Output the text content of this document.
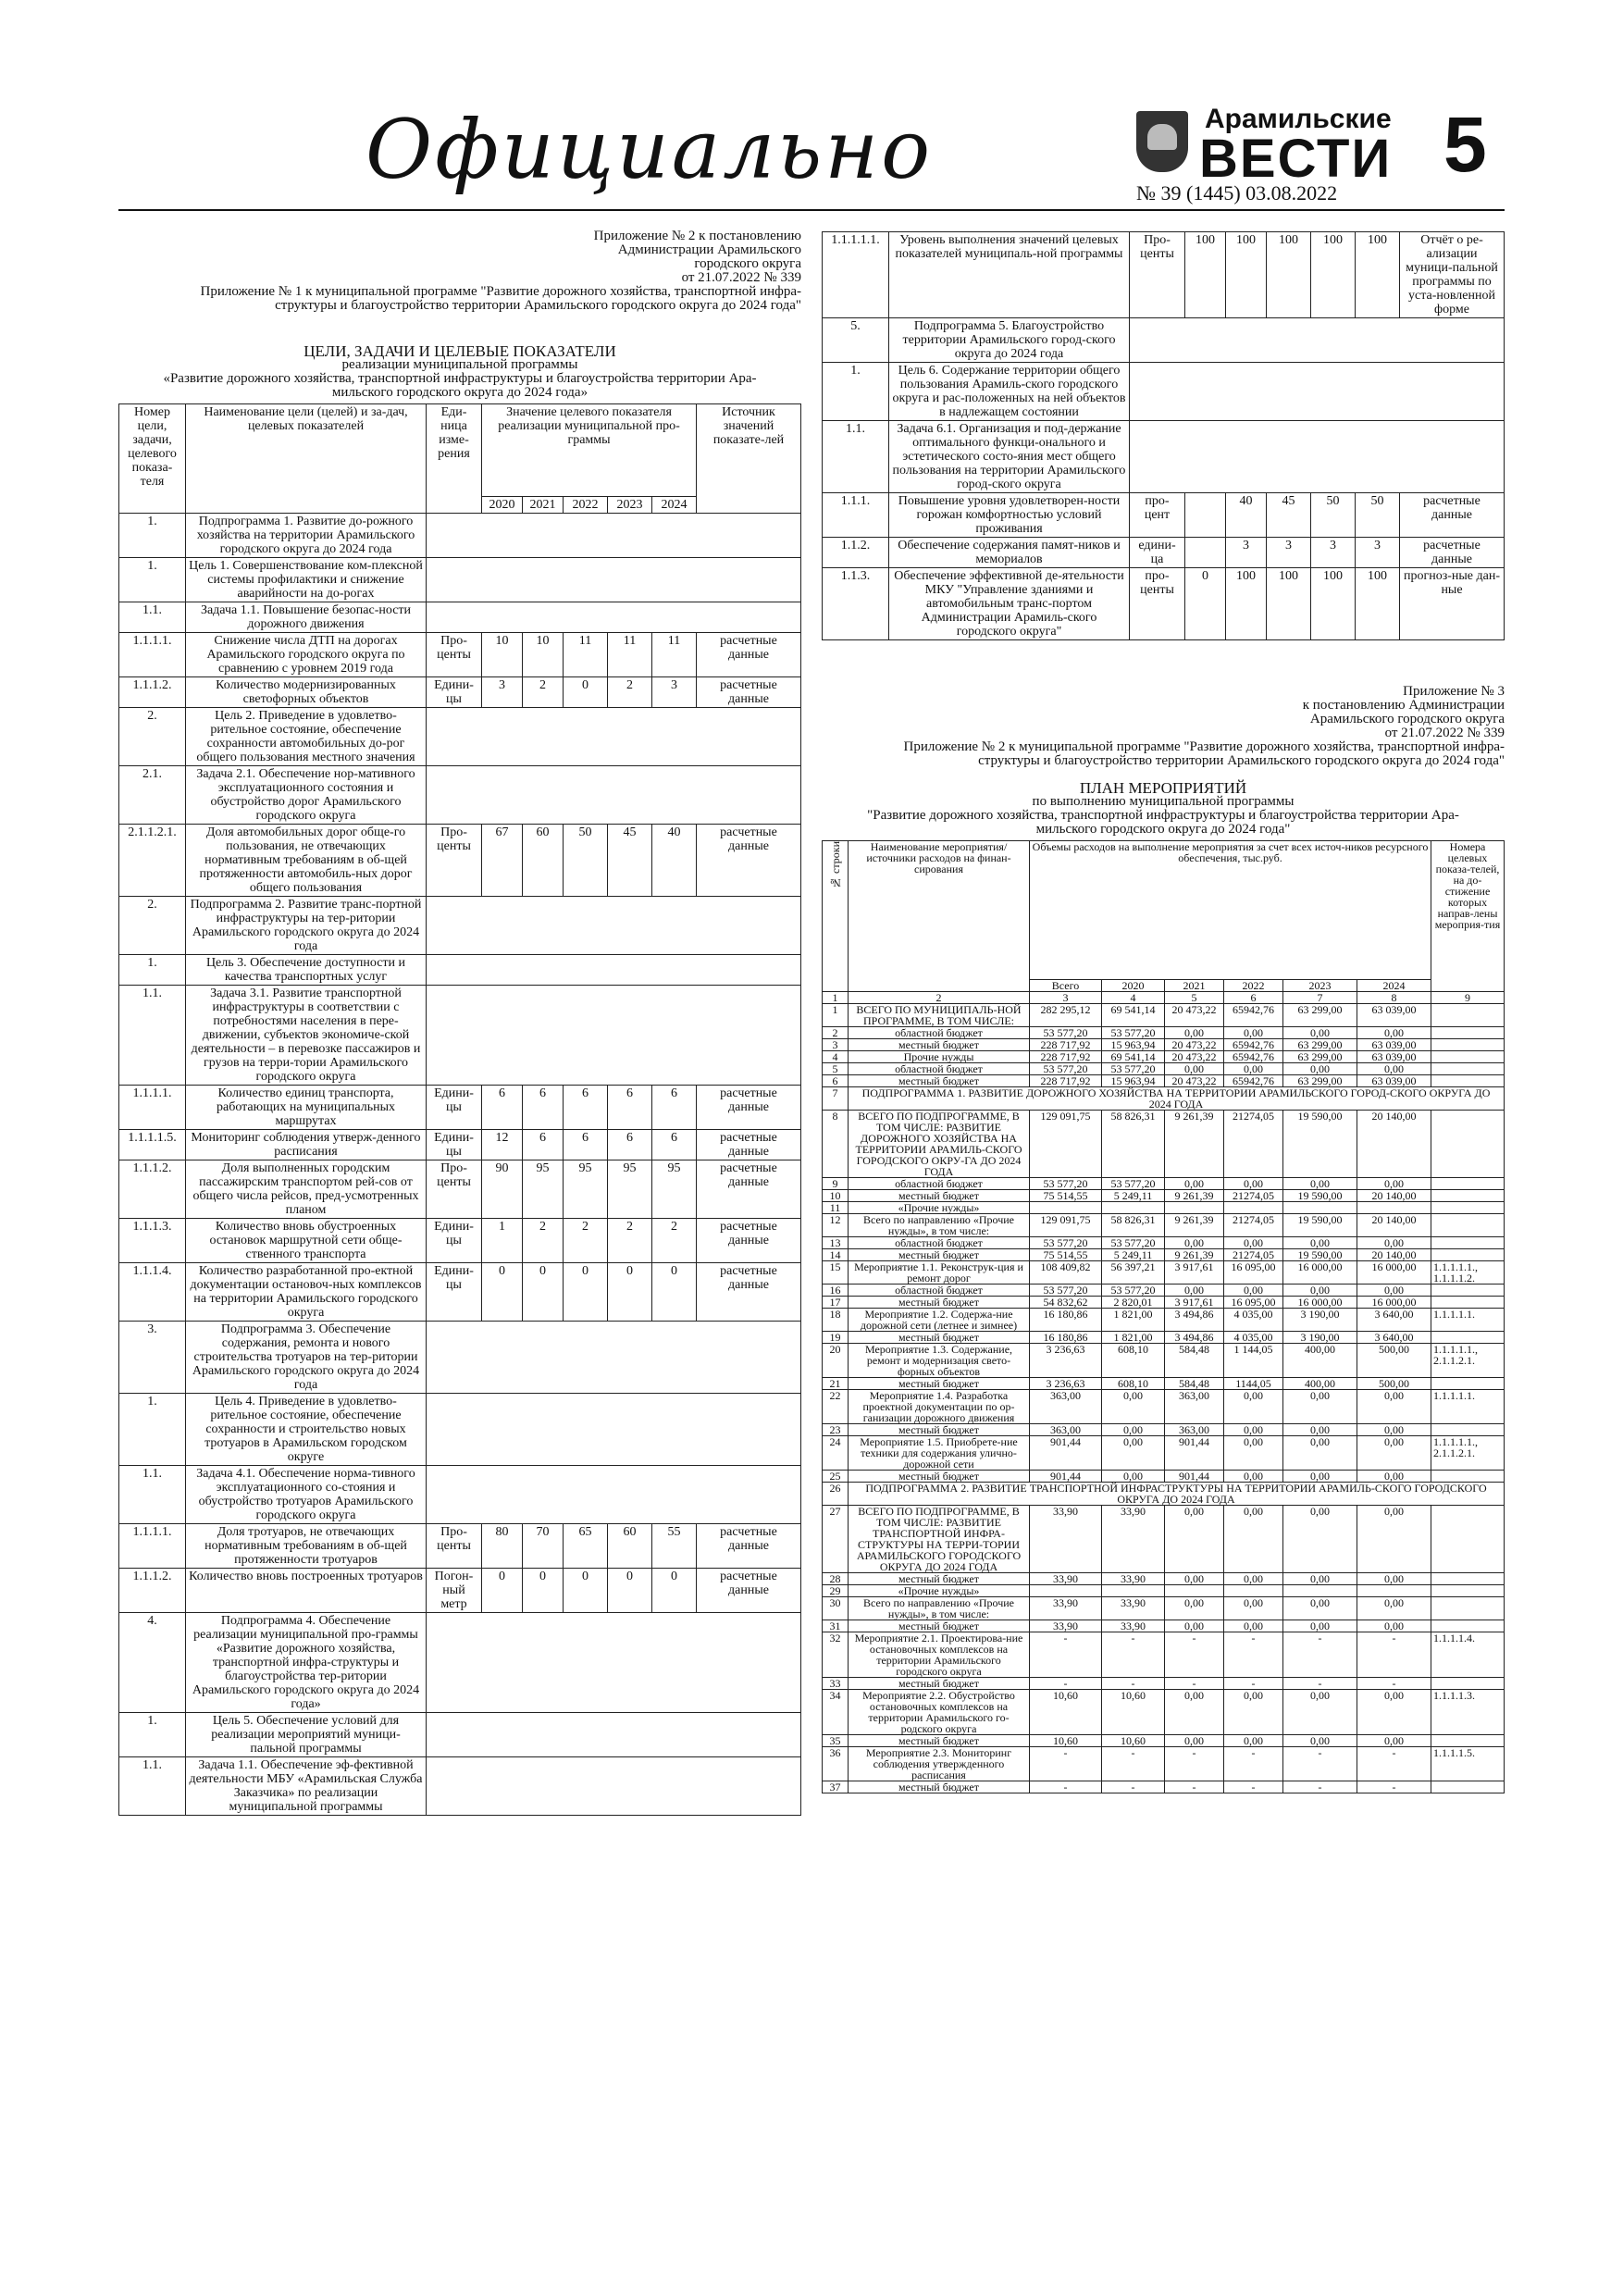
Официально	Арамильские
ВЕСТИ
№ 39 (1445) 03.08.2022
5
Приложение № 2 к постановлению
Администрации Арамильского
городского округа
от 21.07.2022 № 339
Приложение № 1 к муниципальной программе "Развитие дорожного хозяйства, транспортной инфра-
структуры и благоустройство территории Арамильского городского округа до 2024 года"
ЦЕЛИ, ЗАДАЧИ И ЦЕЛЕВЫЕ ПОКАЗАТЕЛИ
реализации муниципальной программы
«Развитие дорожного хозяйства, транспортной инфраструктуры и благоустройства территории Ара-
мильского городского округа до 2024 года»
Номер цели, задачи, целевого показа-теля	Наименование цели (целей) и за-дач, целевых показателей	Еди-ница изме-рения	Значение целевого показателя реализации муниципальной про-граммы					Источник значений показате-лей
			2020	2021	2022	2023	2024	
1.	Подпрограмма 1. Развитие до-рожного хозяйства на территории Арамильского городского округа до 2024 года							
1.	Цель 1. Совершенствование ком-плексной системы профилактики и снижение аварийности на до-рогах							
1.1.	Задача 1.1. Повышение безопас-ности дорожного движения							
1.1.1.1.	Снижение числа ДТП на дорогах Арамильского городского округа по сравнению с уровнем 2019 года	Про-центы	10	10	11	11	11	расчетные данные
1.1.1.2.	Количество модернизированных светофорных объектов	Едини-цы	3	2	0	2	3	расчетные данные
2.	Цель 2. Приведение в удовлетво-рительное состояние, обеспечение сохранности автомобильных до-рог общего пользования местного значения							
2.1.	Задача 2.1. Обеспечение нор-мативного эксплуатационного состояния и обустройство дорог Арамильского городского округа							
2.1.1.2.1.	Доля автомобильных дорог обще-го пользования, не отвечающих нормативным требованиям в об-щей протяженности автомобиль-ных дорог общего пользования	Про-центы	67	60	50	45	40	расчетные данные
2.	Подпрограмма 2. Развитие транс-портной инфраструктуры на тер-ритории Арамильского городского округа до 2024 года							
1.	Цель 3. Обеспечение доступности и качества транспортных услуг							
1.1.	Задача 3.1. Развитие транспортной инфраструктуры в соответствии с потребностями населения в пере-движении, субъектов экономиче-ской деятельности – в перевозке пассажиров и грузов на терри-тории Арамильского городского округа							
1.1.1.1.	Количество единиц транспорта, работающих на муниципальных маршрутах	Едини-цы	6	6	6	6	6	расчетные данные
1.1.1.1.5.	Мониторинг соблюдения утверж-денного расписания	Едини-цы	12	6	6	6	6	расчетные данные
1.1.1.2.	Доля выполненных городским пассажирским транспортом рей-сов от общего числа рейсов, пред-усмотренных планом	Про-центы	90	95	95	95	95	расчетные данные
1.1.1.3.	Количество вновь обустроенных остановок маршрутной сети обще-ственного транспорта	Едини-цы	1	2	2	2	2	расчетные данные
1.1.1.4.	Количество разработанной про-ектной документации остановоч-ных комплексов на территории Арамильского городского округа	Едини-цы	0	0	0	0	0	расчетные данные
3.	Подпрограмма 3. Обеспечение содержания, ремонта и нового строительства тротуаров на тер-ритории Арамильского городского округа до 2024 года							
1.	Цель 4. Приведение в удовлетво-рительное состояние, обеспечение сохранности и строительство новых тротуаров в Арамильском городском округе							
1.1.	Задача 4.1. Обеспечение норма-тивного эксплуатационного со-стояния и обустройство тротуаров Арамильского городского округа							
1.1.1.1.	Доля тротуаров, не отвечающих нормативным требованиям в об-щей протяженности тротуаров	Про-центы	80	70	65	60	55	расчетные данные
1.1.1.2.	Количество вновь построенных тротуаров	Погон-ный метр	0	0	0	0	0	расчетные данные
4.	Подпрограмма 4. Обеспечение реализации муниципальной про-граммы «Развитие дорожного хозяйства, транспортной инфра-структуры и благоустройства тер-ритории Арамильского городского округа до 2024 года»							
1.	Цель 5. Обеспечение условий для реализации мероприятий муници-пальной программы							
1.1.	Задача 1.1. Обеспечение эф-фективной деятельности МБУ «Арамильская Служба Заказчика» по реализации муниципальной программы							
1.1.1.1.1.	Уровень выполнения значений целевых показателей муниципаль-ной программы	Про-центы	100	100	100	100	100	Отчёт о ре-ализации муници-пальной программы по уста-новленной форме
5.	Подпрограмма 5. Благоустройство территории Арамильского город-ского округа до 2024 года							
1.	Цель 6. Содержание территории общего пользования Арамиль-ского городского округа и рас-положенных на ней объектов в надлежащем состоянии							
1.1.	Задача 6.1. Организация и под-держание оптимального функци-онального и эстетического состо-яния мест общего пользования на территории Арамильского город-ского округа							
1.1.1.	Повышение уровня удовлетворен-ности горожан комфортностью условий проживания	про-цент		40	45	50	50	расчетные данные
1.1.2.	Обеспечение содержания памят-ников и мемориалов	едини-ца		3	3	3	3	расчетные данные
1.1.3.	Обеспечение эффективной де-ятельности МКУ "Управление зданиями и автомобильным транс-портом Администрации Арамиль-ского городского округа"	про-центы	0	100	100	100	100	прогноз-ные дан-ные
Приложение № 3
к постановлению Администрации
Арамильского городского округа
от 21.07.2022 № 339
Приложение № 2 к муниципальной программе "Развитие дорожного хозяйства, транспортной инфра-
структуры и благоустройство территории Арамильского городского округа до 2024 года"
ПЛАН МЕРОПРИЯТИЙ
по выполнению муниципальной программы
"Развитие дорожного хозяйства, транспортной инфраструктуры и благоустройства территории Ара-
мильского городского округа до 2024 года"
№ строки	Наименование мероприятия/ источники расходов на финан-сирования	Объемы расходов на выполнение мероприятия за счет всех источ-ников ресурсного обеспечения, тыс.руб.						Номера целевых показа-телей, на до-стижение которых направ-лены мероприя-тия
		Всего	2020	2021	2022	2023	2024	
1	2	3	4	5	6	7	8	9
1	ВСЕГО ПО МУНИЦИПАЛЬ-НОЙ ПРОГРАММЕ, В ТОМ ЧИСЛЕ:	282 295,12	69 541,14	20 473,22	65942,76	63 299,00	63 039,00	
2	областной бюджет	53 577,20	53 577,20	0,00	0,00	0,00	0,00	
3	местный бюджет	228 717,92	15 963,94	20 473,22	65942,76	63 299,00	63 039,00	
4	Прочие нужды	228 717,92	69 541,14	20 473,22	65942,76	63 299,00	63 039,00	
5	областной бюджет	53 577,20	53 577,20	0,00	0,00	0,00	0,00	
6	местный бюджет	228 717,92	15 963,94	20 473,22	65942,76	63 299,00	63 039,00	
7	ПОДПРОГРАММА 1. РАЗВИТИЕ ДОРОЖНОГО ХОЗЯЙСТВА НА ТЕРРИТОРИИ АРАМИЛЬСКОГО ГОРОД-СКОГО ОКРУГА ДО 2024 ГОДА							
8	ВСЕГО ПО ПОДПРОГРАММЕ, В ТОМ ЧИСЛЕ: РАЗВИТИЕ ДОРОЖНОГО ХОЗЯЙСТВА НА ТЕРРИТОРИИ АРАМИЛЬ-СКОГО ГОРОДСКОГО ОКРУ-ГА ДО 2024 ГОДА	129 091,75	58 826,31	9 261,39	21274,05	19 590,00	20 140,00	
9	областной бюджет	53 577,20	53 577,20	0,00	0,00	0,00	0,00	
10	местный бюджет	75 514,55	5 249,11	9 261,39	21274,05	19 590,00	20 140,00	
11	«Прочие нужды»							
12	Всего по направлению «Прочие нужды», в том числе:	129 091,75	58 826,31	9 261,39	21274,05	19 590,00	20 140,00	
13	областной бюджет	53 577,20	53 577,20	0,00	0,00	0,00	0,00	
14	местный бюджет	75 514,55	5 249,11	9 261,39	21274,05	19 590,00	20 140,00	
15	Мероприятие 1.1. Реконструк-ция и ремонт дорог	108 409,82	56 397,21	3 917,61	16 095,00	16 000,00	16 000,00	1.1.1.1.1., 1.1.1.1.2.
16	областной бюджет	53 577,20	53 577,20	0,00	0,00	0,00	0,00	
17	местный бюджет	54 832,62	2 820,01	3 917,61	16 095,00	16 000,00	16 000,00	
18	Мероприятие 1.2. Содержа-ние дорожной сети (летнее и зимнее)	16 180,86	1 821,00	3 494,86	4 035,00	3 190,00	3 640,00	1.1.1.1.1.
19	местный бюджет	16 180,86	1 821,00	3 494,86	4 035,00	3 190,00	3 640,00	
20	Мероприятие 1.3. Содержание, ремонт и модернизация свето-форных объектов	3 236,63	608,10	584,48	1 144,05	400,00	500,00	1.1.1.1.1., 2.1.1.2.1.
21	местный бюджет	3 236,63	608,10	584,48	1144,05	400,00	500,00	
22	Мероприятие 1.4. Разработка проектной документации по ор-ганизации дорожного движения	363,00	0,00	363,00	0,00	0,00	0,00	1.1.1.1.1.
23	местный бюджет	363,00	0,00	363,00	0,00	0,00	0,00	
24	Мероприятие 1.5. Приобрете-ние техники для содержания улично-дорожной сети	901,44	0,00	901,44	0,00	0,00	0,00	1.1.1.1.1., 2.1.1.2.1.
25	местный бюджет	901,44	0,00	901,44	0,00	0,00	0,00	
26	ПОДПРОГРАММА 2. РАЗВИТИЕ ТРАНСПОРТНОЙ ИНФРАСТРУКТУРЫ НА ТЕРРИТОРИИ АРАМИЛЬ-СКОГО ГОРОДСКОГО ОКРУГА ДО 2024 ГОДА							
27	ВСЕГО ПО ПОДПРОГРАММЕ, В ТОМ ЧИСЛЕ: РАЗВИТИЕ ТРАНСПОРТНОЙ ИНФРА-СТРУКТУРЫ НА ТЕРРИ-ТОРИИ АРАМИЛЬСКОГО ГОРОДСКОГО ОКРУГА ДО 2024 ГОДА	33,90	33,90	0,00	0,00	0,00	0,00	
28	местный бюджет	33,90	33,90	0,00	0,00	0,00	0,00	
29	«Прочие нужды»							
30	Всего по направлению «Прочие нужды», в том числе:	33,90	33,90	0,00	0,00	0,00	0,00	
31	местный бюджет	33,90	33,90	0,00	0,00	0,00	0,00	
32	Мероприятие 2.1. Проектирова-ние остановочных комплексов на территории Арамильского городского округа	-	-	-	-	-	-	1.1.1.1.4.
33	местный бюджет	-	-	-	-	-	-	
34	Мероприятие 2.2. Обустройство остановочных комплексов на территории Арамильского го-родского округа	10,60	10,60	0,00	0,00	0,00	0,00	1.1.1.1.3.
35	местный бюджет	10,60	10,60	0,00	0,00	0,00	0,00	
36	Мероприятие 2.3. Мониторинг соблюдения утвержденного расписания	-	-	-	-	-	-	1.1.1.1.5.
37	местный бюджет	-	-	-	-	-	-	
